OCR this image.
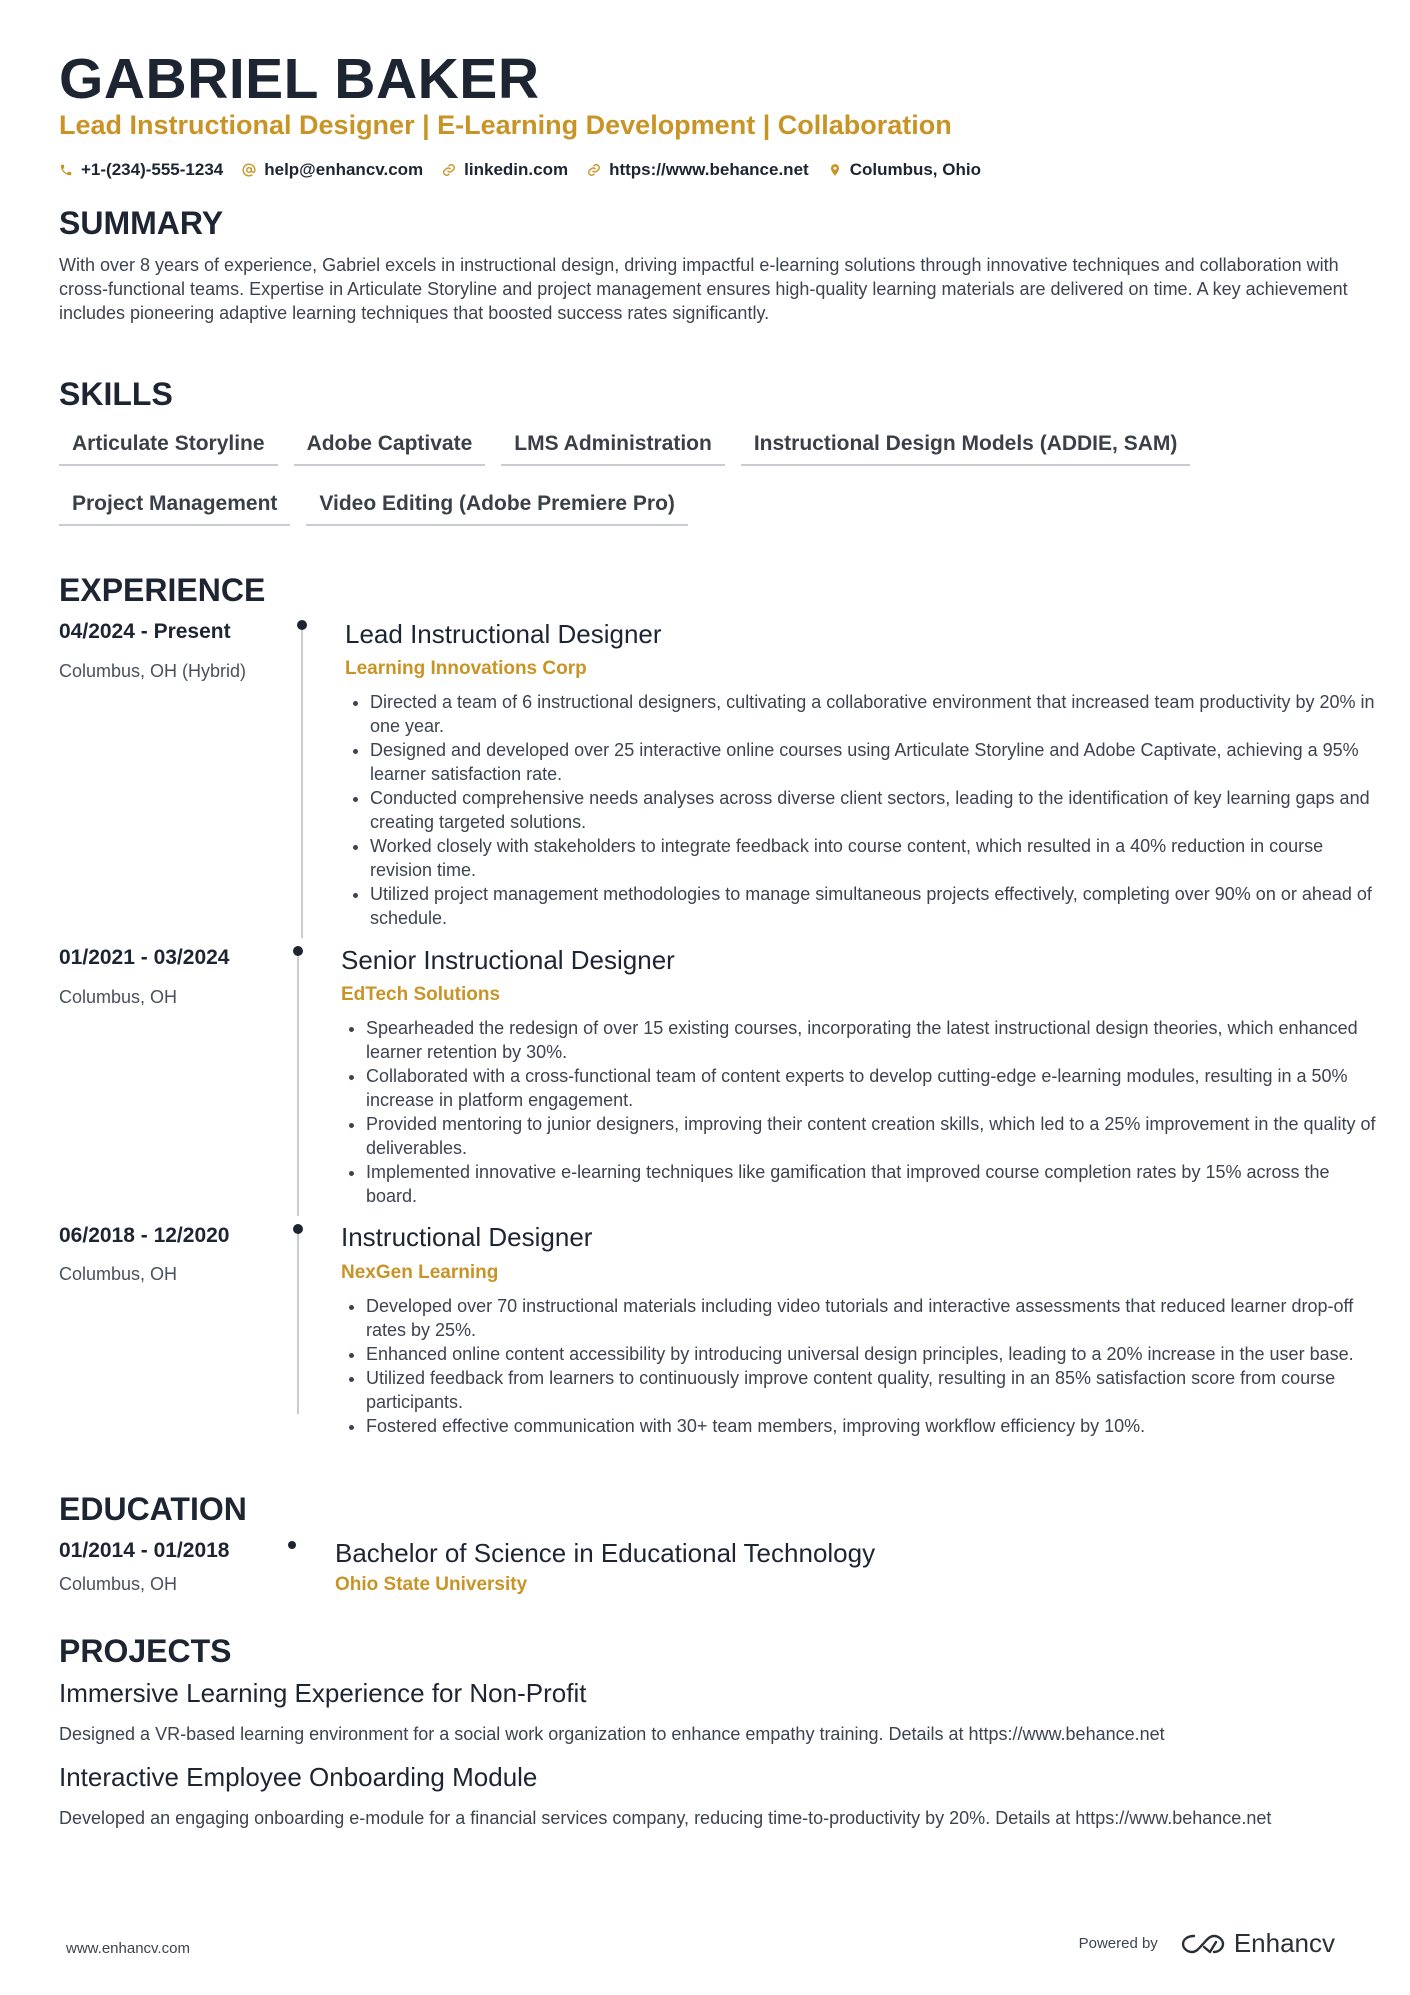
GABRIEL BAKER
Lead Instructional Designer | E-Learning Development | Collaboration
+1-(234)-555-1234 help@enhancv.com linkedin.com https://www.behance.net Columbus, Ohio
SUMMARY
With over 8 years of experience, Gabriel excels in instructional design, driving impactful e-learning solutions through innovative techniques and collaboration with cross-functional teams. Expertise in Articulate Storyline and project management ensures high-quality learning materials are delivered on time. A key achievement includes pioneering adaptive learning techniques that boosted success rates significantly.
SKILLS
Articulate Storyline	Adobe Captivate	LMS Administration	Instructional Design Models (ADDIE, SAM)
Project Management	Video Editing (Adobe Premiere Pro)
EXPERIENCE
04/2024 - Present
Columbus, OH (Hybrid)
Lead Instructional Designer
Learning Innovations Corp
• Directed a team of 6 instructional designers, cultivating a collaborative environment that increased team productivity by 20% in one year.
• Designed and developed over 25 interactive online courses using Articulate Storyline and Adobe Captivate, achieving a 95% learner satisfaction rate.
• Conducted comprehensive needs analyses across diverse client sectors, leading to the identification of key learning gaps and creating targeted solutions.
• Worked closely with stakeholders to integrate feedback into course content, which resulted in a 40% reduction in course revision time.
• Utilized project management methodologies to manage simultaneous projects effectively, completing over 90% on or ahead of schedule.
01/2021 - 03/2024
Columbus, OH
Senior Instructional Designer
EdTech Solutions
• Spearheaded the redesign of over 15 existing courses, incorporating the latest instructional design theories, which enhanced learner retention by 30%.
• Collaborated with a cross-functional team of content experts to develop cutting-edge e-learning modules, resulting in a 50% increase in platform engagement.
• Provided mentoring to junior designers, improving their content creation skills, which led to a 25% improvement in the quality of deliverables.
• Implemented innovative e-learning techniques like gamification that improved course completion rates by 15% across the board.
06/2018 - 12/2020
Columbus, OH
Instructional Designer
NexGen Learning
• Developed over 70 instructional materials including video tutorials and interactive assessments that reduced learner drop-off rates by 25%.
• Enhanced online content accessibility by introducing universal design principles, leading to a 20% increase in the user base.
• Utilized feedback from learners to continuously improve content quality, resulting in an 85% satisfaction score from course participants.
• Fostered effective communication with 30+ team members, improving workflow efficiency by 10%.
EDUCATION
01/2014 - 01/2018
Columbus, OH
Bachelor of Science in Educational Technology
Ohio State University
PROJECTS
Immersive Learning Experience for Non-Profit
Designed a VR-based learning environment for a social work organization to enhance empathy training. Details at https://www.behance.net
Interactive Employee Onboarding Module
Developed an engaging onboarding e-module for a financial services company, reducing time-to-productivity by 20%. Details at https://www.behance.net
www.enhancv.com	Powered by	Enhancv
